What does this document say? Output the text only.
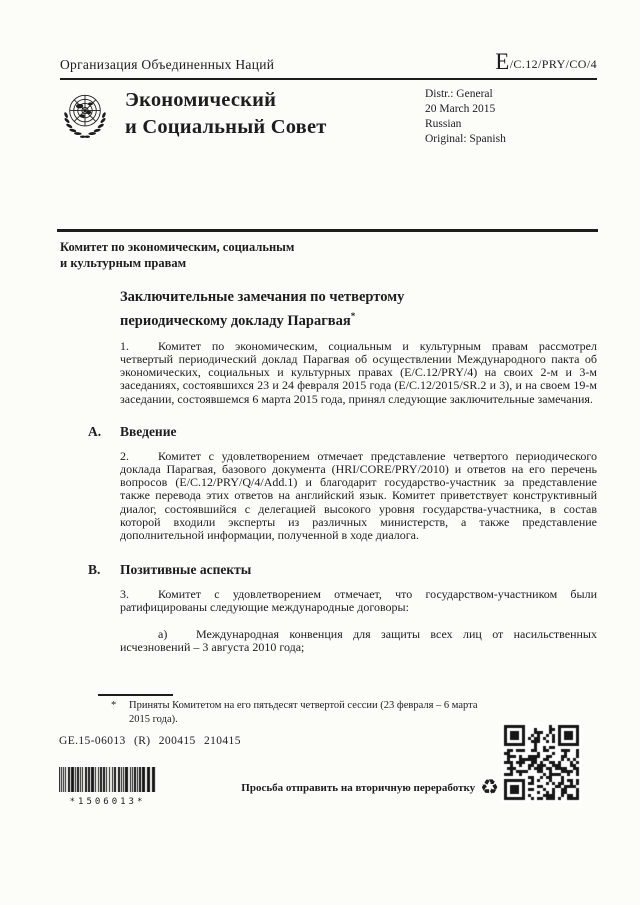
Организация Объединенных Наций	E/C.12/PRY/CO/4
Экономический
и Социальный Совет
Distr.: General
20 March 2015
Russian
Original: Spanish
Комитет по экономическим, социальным
и культурным правам
Заключительные замечания по четвертому
периодическому докладу Парагвая*

1. Комитет по экономическим, социальным и культурным правам рассмотрел четвертый периодический доклад Парагвая об осуществлении Международного пакта об экономических, социальных и культурных правах (E/C.12/PRY/4) на своих 2-м и 3-м заседаниях, состоявшихся 23 и 24 февраля 2015 года (E/C.12/2015/SR.2 и 3), и на своем 19-м заседании, состоявшемся 6 марта 2015 года, принял следующие заключительные замечания.

A. Введение

2. Комитет с удовлетворением отмечает представление четвертого периодического доклада Парагвая, базового документа (HRI/CORE/PRY/2010) и ответов на его перечень вопросов (E/C.12/PRY/Q/4/Add.1) и благодарит государство-участник за представление также перевода этих ответов на английский язык. Комитет приветствует конструктивный диалог, состоявшийся с делегацией высокого уровня государства-участника, в состав которой входили эксперты из различных министерств, а также представление дополнительной информации, полученной в ходе диалога.

B. Позитивные аспекты

3. Комитет с удовлетворением отмечает, что государством-участником были ратифицированы следующие международные договоры:

а) Международная конвенция для защиты всех лиц от насильственных исчезновений – 3 августа 2010 года;

* Приняты Комитетом на его пятьдесят четвертой сессии (23 февраля – 6 марта 2015 года).
GE.15-06013 (R) 200415 210415
*1506013*
Просьба отправить на вторичную переработку ♻
